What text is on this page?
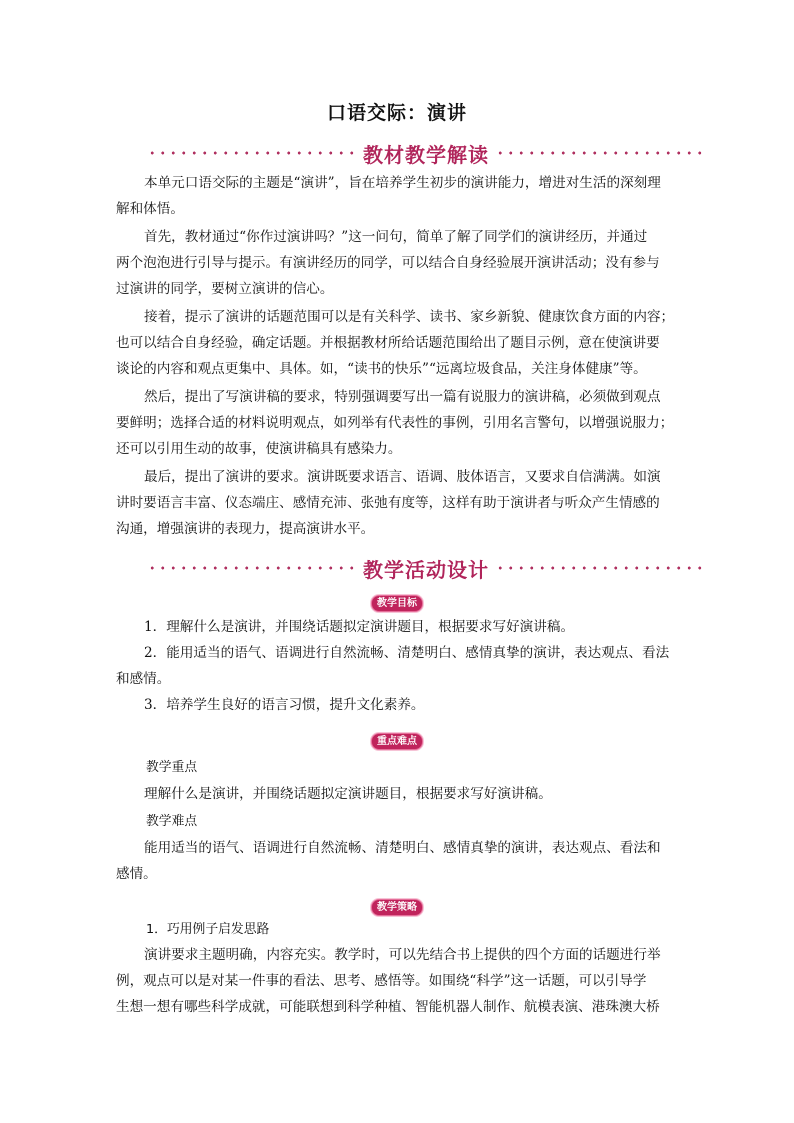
口语交际：演讲
教材教学解读
本单元口语交际的主题是“演讲”，旨在培养学生初步的演讲能力，增进对生活的深刻理
解和体悟。
首先，教材通过“你作过演讲吗？”这一问句，简单了解了同学们的演讲经历，并通过
两个泡泡进行引导与提示。有演讲经历的同学，可以结合自身经验展开演讲活动；没有参与
过演讲的同学，要树立演讲的信心。
接着，提示了演讲的话题范围可以是有关科学、读书、家乡新貌、健康饮食方面的内容；
也可以结合自身经验，确定话题。并根据教材所给话题范围给出了题目示例，意在使演讲要
谈论的内容和观点更集中、具体。如，“读书的快乐”“远离垃圾食品，关注身体健康”等。
然后，提出了写演讲稿的要求，特别强调要写出一篇有说服力的演讲稿，必须做到观点
要鲜明；选择合适的材料说明观点，如列举有代表性的事例，引用名言警句，以增强说服力；
还可以引用生动的故事，使演讲稿具有感染力。
最后，提出了演讲的要求。演讲既要求语言、语调、肢体语言，又要求自信满满。如演
讲时要语言丰富、仪态端庄、感情充沛、张弛有度等，这样有助于演讲者与听众产生情感的
沟通，增强演讲的表现力，提高演讲水平。
教学活动设计
教学目标
1．理解什么是演讲，并围绕话题拟定演讲题目，根据要求写好演讲稿。
2．能用适当的语气、语调进行自然流畅、清楚明白、感情真挚的演讲，表达观点、看法
和感情。
3．培养学生良好的语言习惯，提升文化素养。
重点难点
教学重点
理解什么是演讲，并围绕话题拟定演讲题目，根据要求写好演讲稿。
教学难点
能用适当的语气、语调进行自然流畅、清楚明白、感情真挚的演讲，表达观点、看法和
感情。
教学策略
1．巧用例子启发思路
演讲要求主题明确，内容充实。教学时，可以先结合书上提供的四个方面的话题进行举
例，观点可以是对某一件事的看法、思考、感悟等。如围绕“科学”这一话题，可以引导学
生想一想有哪些科学成就，可能联想到科学种植、智能机器人制作、航模表演、港珠澳大桥
